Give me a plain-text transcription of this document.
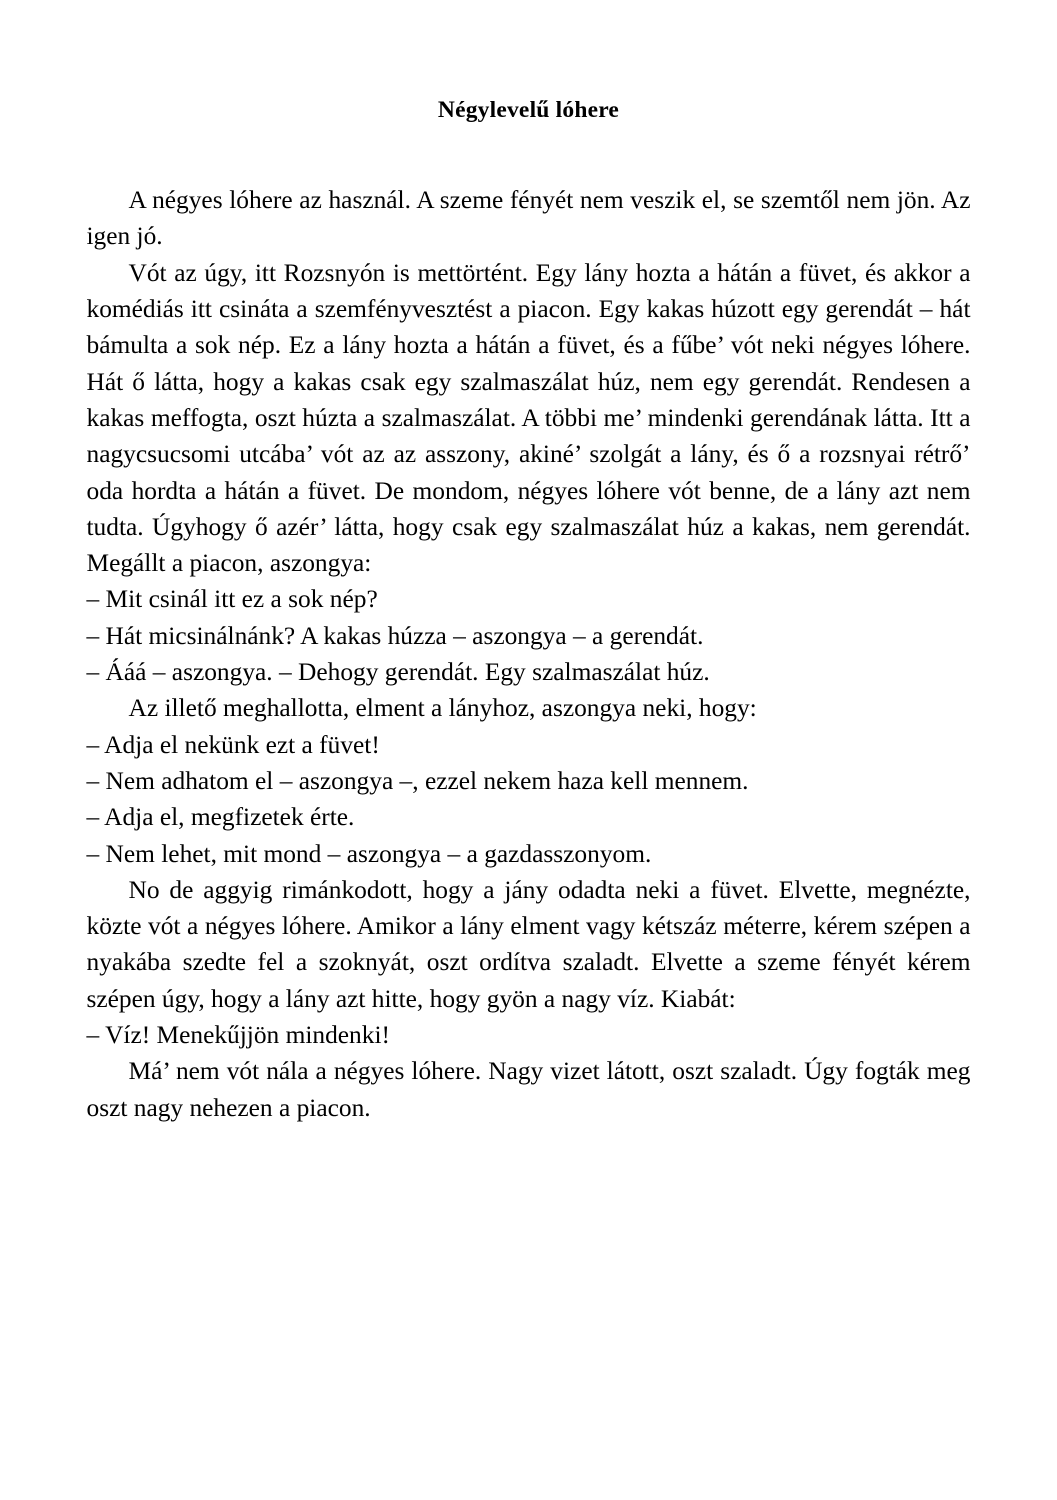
Négylevelű lóhere

A négyes lóhere az használ. A szeme fényét nem veszik el, se szemtől nem jön. Az igen jó.

Vót az úgy, itt Rozsnyón is mettörtént. Egy lány hozta a hátán a füvet, és akkor a komédiás itt csináta a szemfényvesztést a piacon. Egy kakas húzott egy gerendát – hát bámulta a sok nép. Ez a lány hozta a hátán a füvet, és a fűbe’ vót neki négyes lóhere. Hát ő látta, hogy a kakas csak egy szalmaszálat húz, nem egy gerendát. Rendesen a kakas meffogta, oszt húzta a szalmaszálat. A többi me’ mindenki gerendának látta. Itt a nagycsucsomi utcába’ vót az az asszony, akiné’ szolgát a lány, és ő a rozsnyai rétrő’ oda hordta a hátán a füvet. De mondom, négyes lóhere vót benne, de a lány azt nem tudta. Úgyhogy ő azér’ látta, hogy csak egy szalmaszálat húz a kakas, nem gerendát. Megállt a piacon, aszongya:

– Mit csinál itt ez a sok nép?

– Hát micsinálnánk? A kakas húzza – aszongya – a gerendát.

– Ááá – aszongya. – Dehogy gerendát. Egy szalmaszálat húz.

Az illető meghallotta, elment a lányhoz, aszongya neki, hogy:

– Adja el nekünk ezt a füvet!

– Nem adhatom el – aszongya –, ezzel nekem haza kell mennem.

– Adja el, megfizetek érte.

– Nem lehet, mit mond – aszongya – a gazdasszonyom.

No de aggyig rimánkodott, hogy a jány odadta neki a füvet. Elvette, megnézte, közte vót a négyes lóhere. Amikor a lány elment vagy kétszáz méterre, kérem szépen a nyakába szedte fel a szoknyát, oszt ordítva szaladt. Elvette a szeme fényét kérem szépen úgy, hogy a lány azt hitte, hogy gyön a nagy víz. Kiabát:

– Víz! Menekűjjön mindenki!

Má’ nem vót nála a négyes lóhere. Nagy vizet látott, oszt szaladt. Úgy fogták meg oszt nagy nehezen a piacon.
